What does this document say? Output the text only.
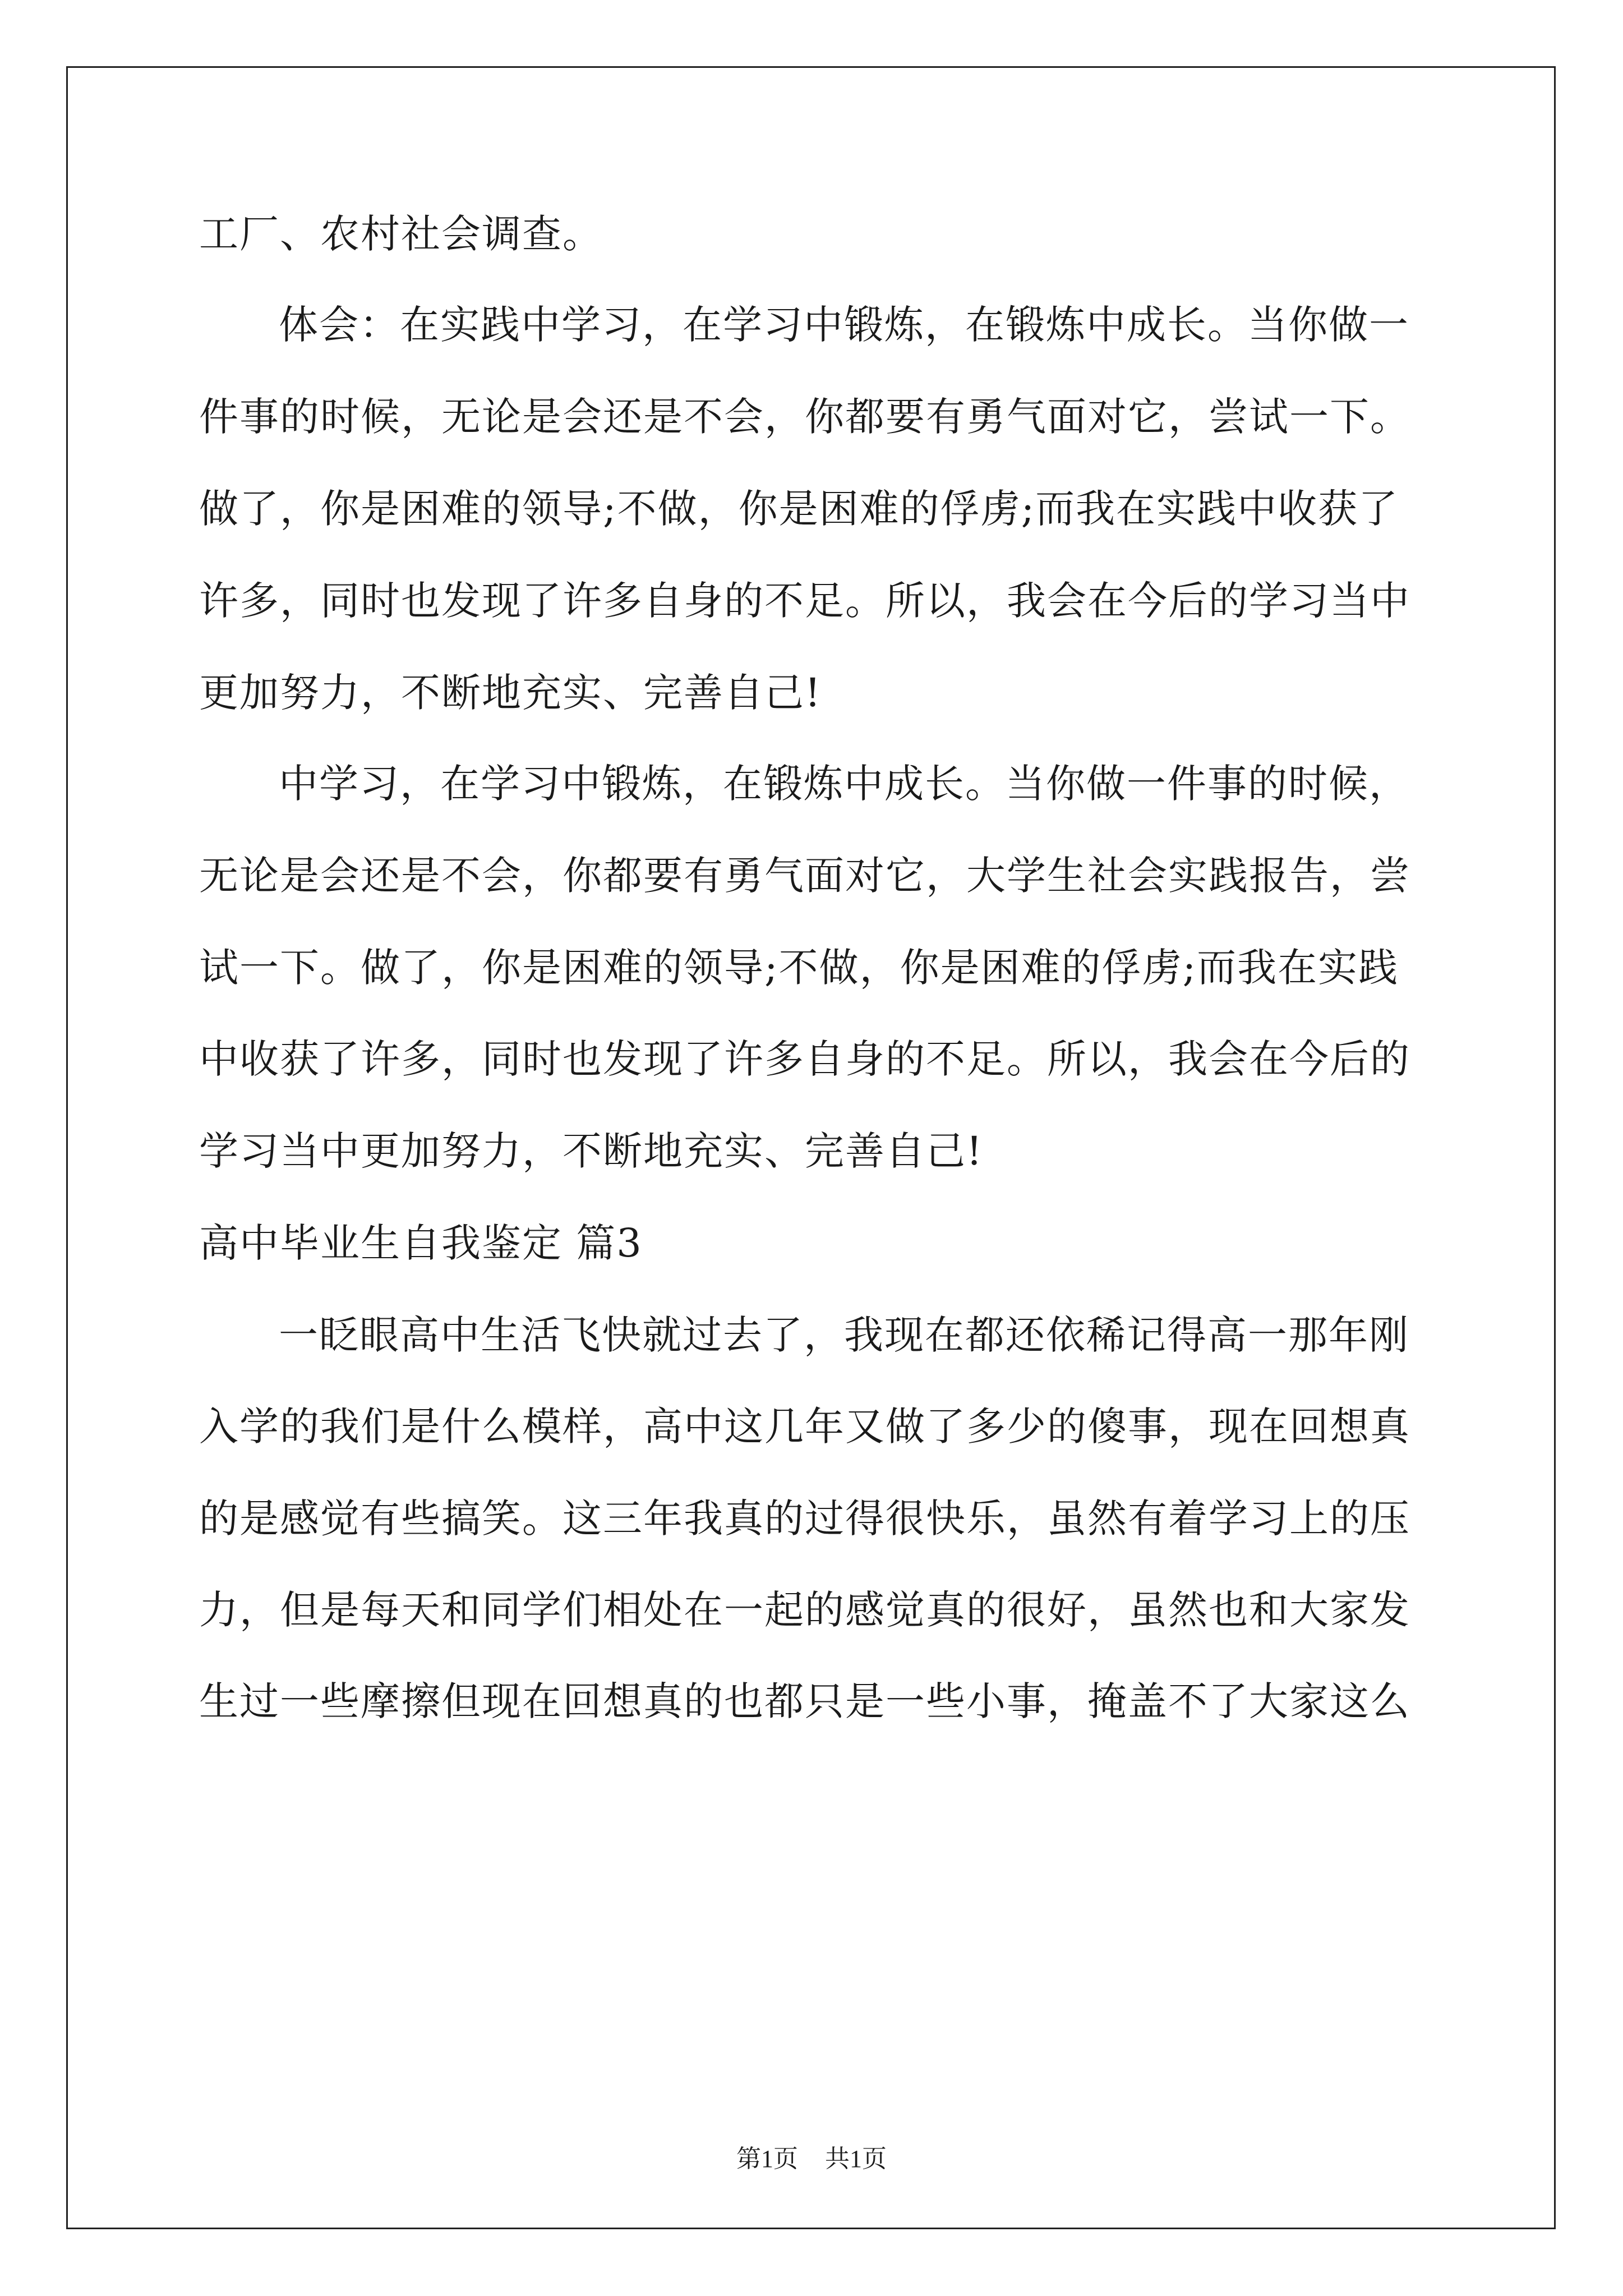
工厂、农村社会调查。
体会：在实践中学习，在学习中锻炼，在锻炼中成长。当你做一
件事的时候，无论是会还是不会，你都要有勇气面对它，尝试一下。
做了，你是困难的领导;不做，你是困难的俘虏;而我在实践中收获了
许多，同时也发现了许多自身的不足。所以，我会在今后的学习当中
更加努力，不断地充实、完善自己!
中学习，在学习中锻炼，在锻炼中成长。当你做一件事的时候，
无论是会还是不会，你都要有勇气面对它，大学生社会实践报告，尝
试一下。做了，你是困难的领导;不做，你是困难的俘虏;而我在实践
中收获了许多，同时也发现了许多自身的不足。所以，我会在今后的
学习当中更加努力，不断地充实、完善自己!
高中毕业生自我鉴定 篇3
一眨眼高中生活飞快就过去了，我现在都还依稀记得高一那年刚
入学的我们是什么模样，高中这几年又做了多少的傻事，现在回想真
的是感觉有些搞笑。这三年我真的过得很快乐，虽然有着学习上的压
力，但是每天和同学们相处在一起的感觉真的很好，虽然也和大家发
生过一些摩擦但现在回想真的也都只是一些小事，掩盖不了大家这么
第1页 共1页
